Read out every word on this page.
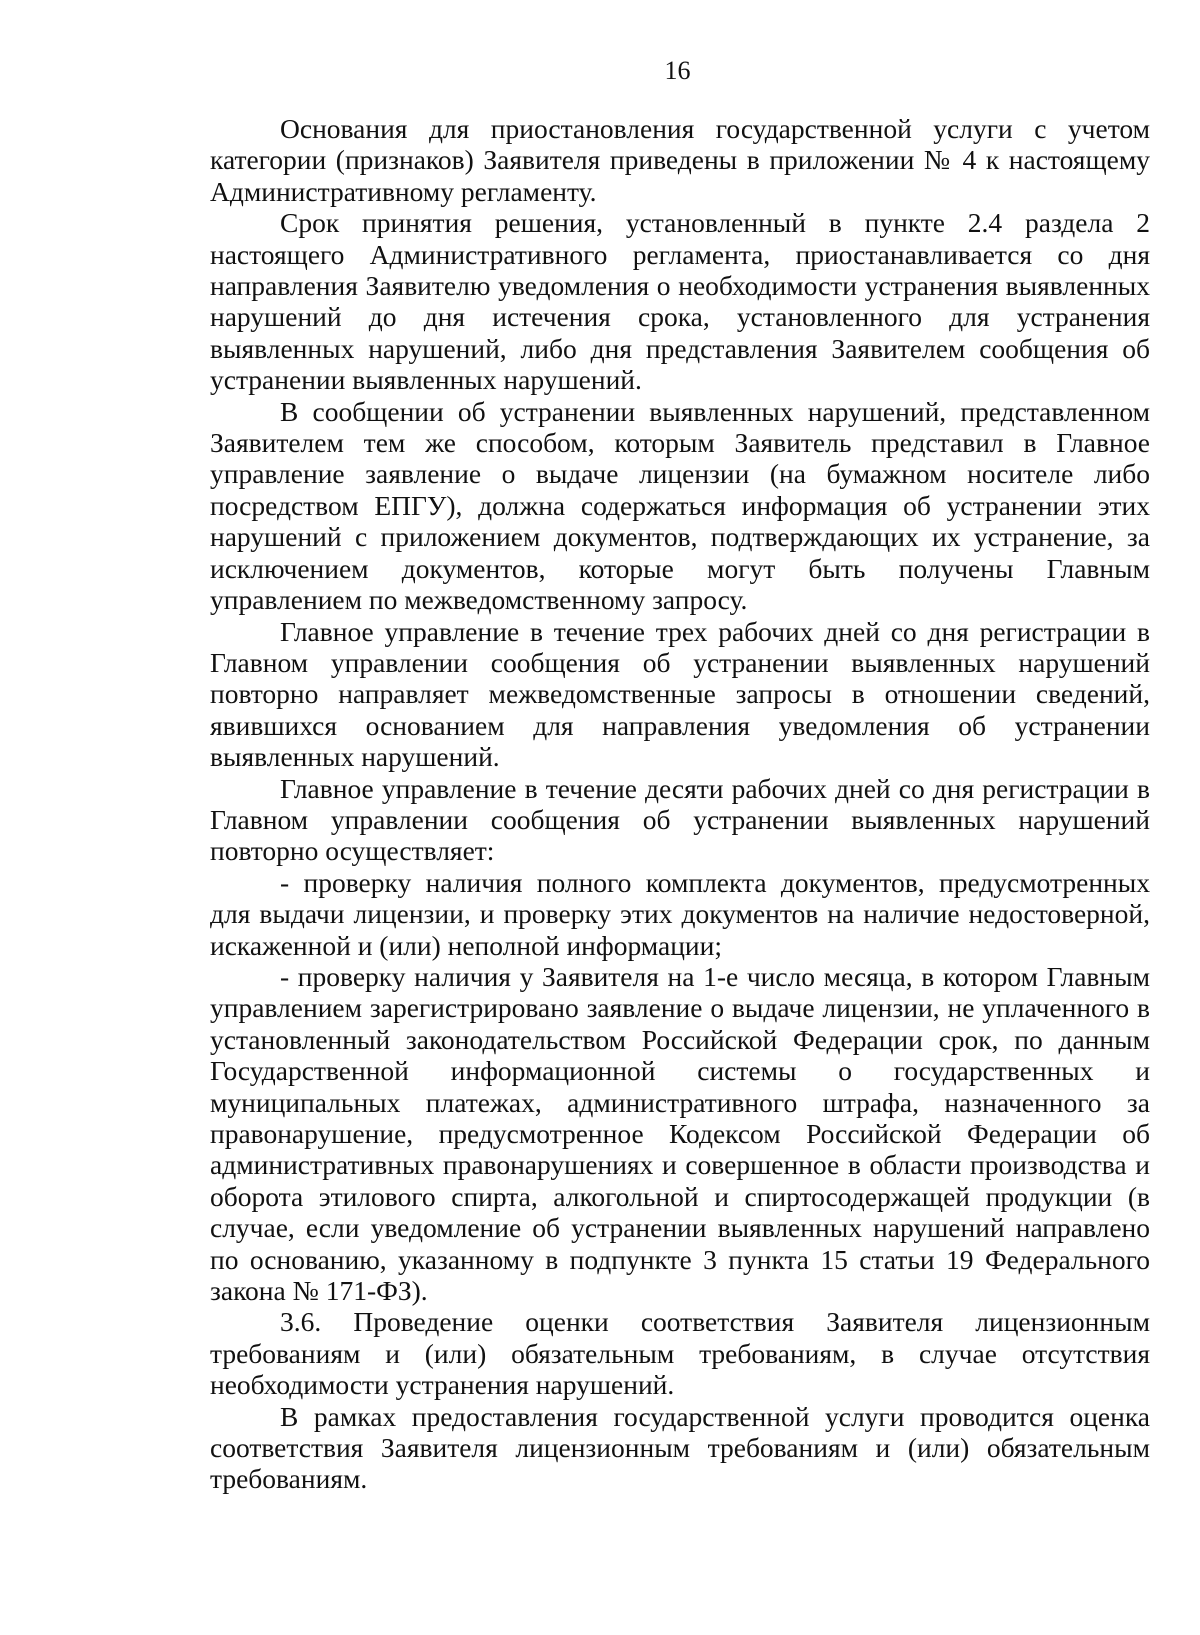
16

Основания для приостановления государственной услуги с учетом категории (признаков) Заявителя приведены в приложении № 4 к настоящему Административному регламенту.

Срок принятия решения, установленный в пункте 2.4 раздела 2 настоящего Административного регламента, приостанавливается со дня направления Заявителю уведомления о необходимости устранения выявленных нарушений до дня истечения срока, установленного для устранения выявленных нарушений, либо дня представления Заявителем сообщения об устранении выявленных нарушений.

В сообщении об устранении выявленных нарушений, представленном Заявителем тем же способом, которым Заявитель представил в Главное управление заявление о выдаче лицензии (на бумажном носителе либо посредством ЕПГУ), должна содержаться информация об устранении этих нарушений с приложением документов, подтверждающих их устранение, за исключением документов, которые могут быть получены Главным управлением по межведомственному запросу.

Главное управление в течение трех рабочих дней со дня регистрации в Главном управлении сообщения об устранении выявленных нарушений повторно направляет межведомственные запросы в отношении сведений, явившихся основанием для направления уведомления об устранении выявленных нарушений.

Главное управление в течение десяти рабочих дней со дня регистрации в Главном управлении сообщения об устранении выявленных нарушений повторно осуществляет:

- проверку наличия полного комплекта документов, предусмотренных для выдачи лицензии, и проверку этих документов на наличие недостоверной, искаженной и (или) неполной информации;

- проверку наличия у Заявителя на 1-е число месяца, в котором Главным управлением зарегистрировано заявление о выдаче лицензии, не уплаченного в установленный законодательством Российской Федерации срок, по данным Государственной информационной системы о государственных и муниципальных платежах, административного штрафа, назначенного за правонарушение, предусмотренное Кодексом Российской Федерации об административных правонарушениях и совершенное в области производства и оборота этилового спирта, алкогольной и спиртосодержащей продукции (в случае, если уведомление об устранении выявленных нарушений направлено по основанию, указанному в подпункте 3 пункта 15 статьи 19 Федерального закона № 171-ФЗ).

3.6. Проведение оценки соответствия Заявителя лицензионным требованиям и (или) обязательным требованиям, в случае отсутствия необходимости устранения нарушений.

В рамках предоставления государственной услуги проводится оценка соответствия Заявителя лицензионным требованиям и (или) обязательным требованиям.
